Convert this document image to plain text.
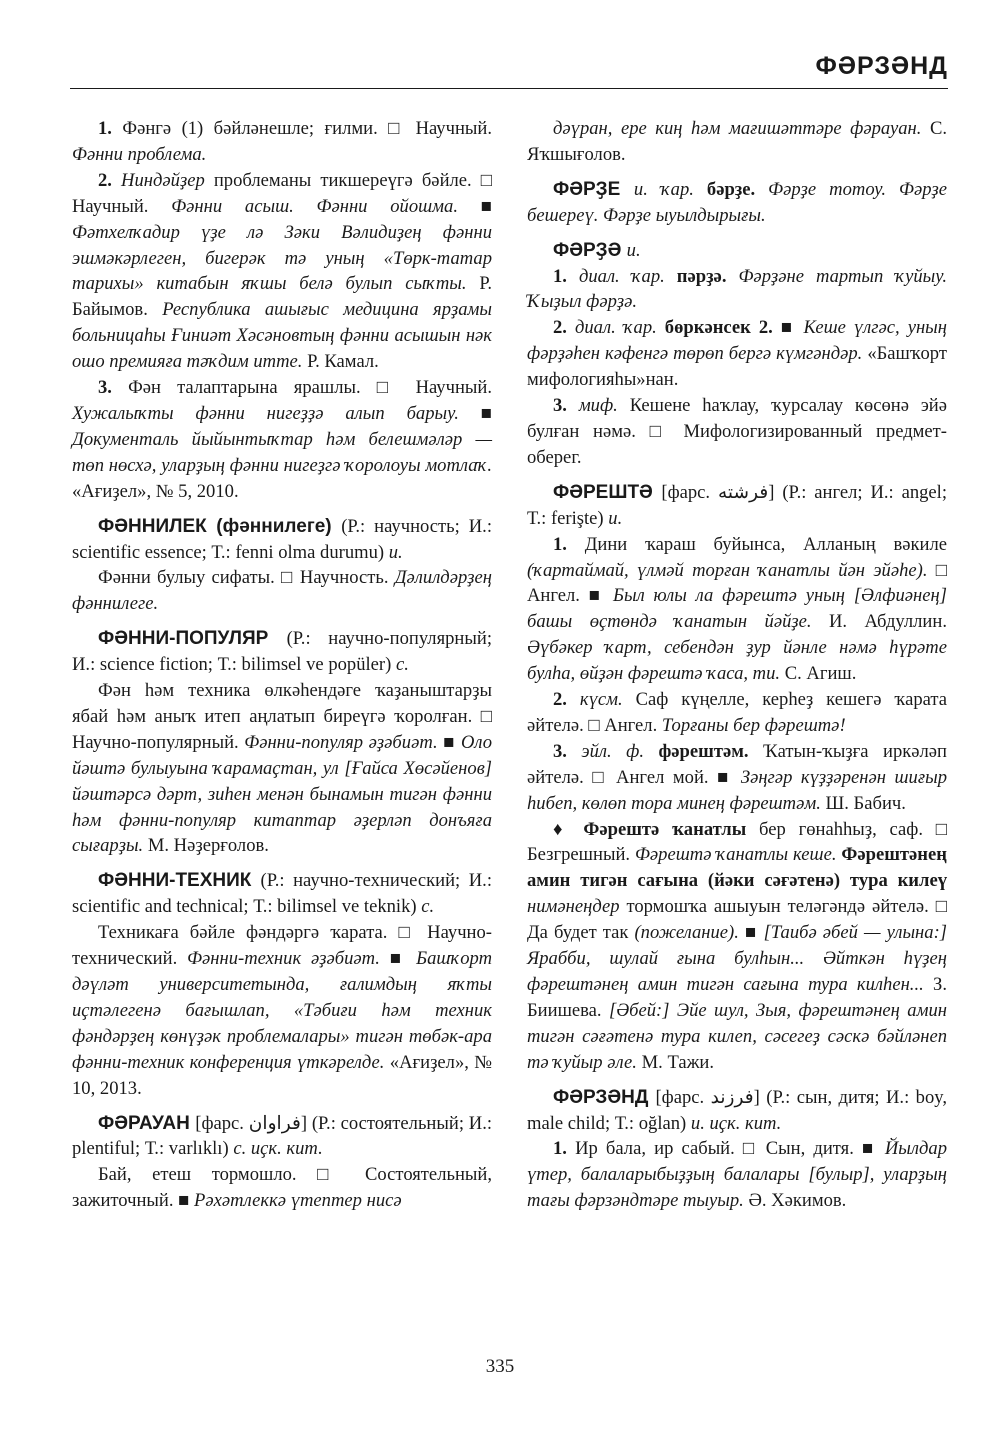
ФӘРЗӘНД

1. Фәнгә (1) бәйләнешле; ғилми. □ Научный. Фәнни проблема.

2. Ниндәйҙер проблеманы тикшереүгә бәйле. □ Научный. Фәнни асыш. Фәнни ойошма. ■ Фәтхелҡадир үҙе лә Зәки Вәлидиҙең фәнни эшмәкәрлеген, бигерәк тә уның «Төрк-татар тарихы» китабын яҡшы белә булып сыҡты. Р. Байымов. Республика ашығыс медицина ярҙамы больницаһы Ғиниәт Хәсәновтың фәнни асышын нәк ошо премияға тәҡдим итте. Р. Камал.

3. Фән талаптарына ярашлы. □ Научный. Хужалыҡты фәнни нигеҙҙә алып барыу. ■ Документаль йыйынтыҡтар һәм белешмәләр — төп нөсхә, уларҙың фәнни нигеҙгә ҡоролоуы мотлаҡ. «Ағиҙел», № 5, 2010.

ФӘННИЛЕК (фәннилеге) (Р.: научность; И.: scientific essence; Т.: fenni olma durumu) и.

Фәнни булыу сифаты. □ Научность. Дәлилдәрҙең фәннилеге.

ФӘННИ-ПОПУЛЯР (Р.: научно-популярный; И.: science fiction; Т.: bilimsel ve popüler) с.

Фән һәм техника өлкәһендәге ҡаҙаныштарҙы ябай һәм аныҡ итеп аңлатып биреүгә ҡоролған. □ Научно-популярный. Фәнни-популяр әҙәбиәт. ■ Оло йәштә булыуына ҡарамаҫтан, ул [Ғайса Хөсәйенов] йәштәрсә дәрт, зиһен менән бынамын тигән фәнни һәм фәнни-популяр китаптар әҙерләп донъяға сығарҙы. М. Нәҙерғолов.

ФӘННИ-ТЕХНИК (Р.: научно-технический; И.: scientific and technical; Т.: bilimsel ve teknik) с.

Техникаға бәйле фәндәргә ҡарата. □ Научно-технический. Фәнни-техник әҙәбиәт. ■ Башҡорт дәүләт университетында, ғалимдың яҡты иҫтәлегенә бағышлап, «Тәбиғи һәм техник фәндәрҙең көнүҙәк проблемалары» тигән төбәк-ара фәнни-техник конференция үткәрелде. «Ағиҙел», № 10, 2013.

ФӘРАУАН [фарс. فراوان] (Р.: состоятельный; И.: plentiful; Т.: varlıklı) с. иҫк. кит.

Бай, етеш тормошло. □ Состоятельный, зажиточный. ■ Рәхәтлеккә үтептер нисә

дәүран, ере киң һәм мағишәттәре фәрауан. С. Яҡшығолов.

ФӘРҘЕ и. ҡар. бәрҙе. Фәрҙе тотоу. Фәрҙе бешереү. Фәрҙе ыуылдырығы.

ФӘРҘӘ и.

1. диал. ҡар. пәрҙә. Фәрҙәне тартып ҡуйыу. Ҡыҙыл фәрҙә.

2. диал. ҡар. бөркәнсек 2. ■ Кеше үлгәс, уның фәрҙәһен кәфенгә төрөп бергә күмгәндәр. «Башҡорт мифологияһы»нан.

3. миф. Кешене һаҡлау, ҡурсалау көсөнә эйә булған нәмә. □ Мифологизированный предмет-оберег.

ФӘРЕШТӘ [фарс. فرشته] (Р.: ангел; И.: angel; Т.: ferişte) и.

1. Дини ҡараш буйынса, Алланың вәкиле (ҡартаймай, үлмәй торған ҡанатлы йән эйәһе). □ Ангел. ■ Был юлы ла фәрештә уның [Әлфиәнең] башы өҫтөндә ҡанатын йәйҙе. И. Абдуллин. Әүбәкер ҡарт, себендән ҙур йәнле нәмә һүрәте булһа, өйҙән фәрештә ҡаса, ти. С. Агиш.

2. күсм. Саф күңелле, керһеҙ кешегә ҡарата әйтелә. □ Ангел. Торғаны бер фәрештә!

3. эйл. ф. фәрештәм. Ҡатын-ҡыҙға иркәләп әйтелә. □ Ангел мой. ■ Зәңгәр күҙҙәренән шиғыр һибеп, көлөп тора минең фәрештәм. Ш. Бабич.

♦ Фәрештә ҡанатлы бер гөнаһһыҙ, саф. □ Безгрешный. Фәрештә ҡанатлы кеше. Фәрештәнең амин тигән сағына (йәки сәғәтенә) тура килеү нимәнеңдер тормошҡа ашыуын теләгәндә әйтелә. □ Да будет так (пожелание). ■ [Таибә әбей — улына:] Ярабби, шулай ғына булһын... Әйткән һүҙең фәрештәнең амин тигән сағына тура килһен... З. Биишева. [Әбей:] Эйе шул, Зыя, фәрештәнең амин тигән сәғәтенә тура килеп, сәсегеҙ сәскә бәйләнеп тә ҡуйыр әле. М. Тажи.

ФӘРЗӘНД [фарс. فرزند] (Р.: сын, дитя; И.: boy, male child; Т.: oğlan) и. иҫк. кит.

1. Ир бала, ир сабый. □ Сын, дитя. ■ Йылдар үтер, балаларыбыҙҙың балалары [булыр], уларҙың тағы фәрзәндтәре тыуыр. Ә. Хәкимов.

335
